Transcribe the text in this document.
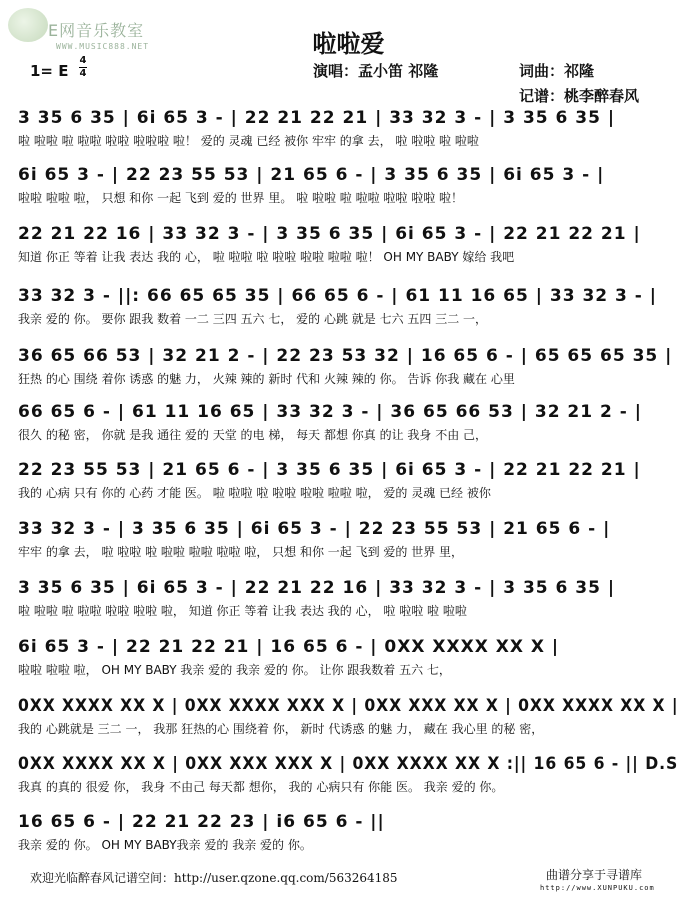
E网音乐教室
WWW.MUSIC888.NET	啦啦爱
1= E
4
4	演唱：孟小笛 祁隆	词曲：祁隆
记谱：桃李醉春风
3 35 6 35 | 6i 65 3 - | 22 21 22 21 | 33 32 3 - | 3 35 6 35 |
啦 啦啦 啦 啦啦 啦啦 啦啦啦 啦！ 爱的 灵魂 已经 被你 牢牢 的拿 去， 啦 啦啦 啦 啦啦
6i 65 3 - | 22 23 55 53 | 21 65 6 - | 3 35 6 35 | 6i 65 3 - |
啦啦 啦啦 啦， 只想 和你 一起 飞到 爱的 世界 里。 啦 啦啦 啦 啦啦 啦啦 啦啦 啦！
22 21 22 16 | 33 32 3 - | 3 35 6 35 | 6i 65 3 - | 22 21 22 21 |
知道 你正 等着 让我 表达 我的 心， 啦 啦啦 啦 啦啦 啦啦 啦啦 啦！ OH MY BABY 嫁给 我吧
33 32 3 - ||: 66 65 65 35 | 66 65 6 - | 61 11 16 65 | 33 32 3 - |
我亲 爱的 你。 要你 跟我 数着 一二 三四 五六 七， 爱的 心跳 就是 七六 五四 三二 一，
36 65 66 53 | 32 21 2 - | 22 23 53 32 | 16 65 6 - | 65 65 65 35 |
狂热 的心 围绕 着你 诱惑 的魅 力， 火辣 辣的 新时 代和 火辣 辣的 你。 告诉 你我 藏在 心里
66 65 6 - | 61 11 16 65 | 33 32 3 - | 36 65 66 53 | 32 21 2 - |
很久 的秘 密， 你就 是我 通往 爱的 天堂 的电 梯， 每天 都想 你真 的让 我身 不由 己，
22 23 55 53 | 21 65 6 - | 3 35 6 35 | 6i 65 3 - | 22 21 22 21 |
我的 心病 只有 你的 心药 才能 医。 啦 啦啦 啦 啦啦 啦啦 啦啦 啦， 爱的 灵魂 已经 被你
33 32 3 - | 3 35 6 35 | 6i 65 3 - | 22 23 55 53 | 21 65 6 - |
牢牢 的拿 去， 啦 啦啦 啦 啦啦 啦啦 啦啦 啦， 只想 和你 一起 飞到 爱的 世界 里，
3 35 6 35 | 6i 65 3 - | 22 21 22 16 | 33 32 3 - | 3 35 6 35 |
啦 啦啦 啦 啦啦 啦啦 啦啦 啦， 知道 你正 等着 让我 表达 我的 心， 啦 啦啦 啦 啦啦
6i 65 3 - | 22 21 22 21 | 16 65 6 - | 0XX XXXX XX X |
啦啦 啦啦 啦， OH MY BABY 我亲 爱的 我亲 爱的 你。 让你 跟我数着 五六 七，
0XX XXXX XX X | 0XX XXXX XXX X | 0XX XXX XX X | 0XX XXXX XX X |
我的 心跳就是 三二 一， 我那 狂热的心 围绕着 你， 新时 代诱惑 的魅 力， 藏在 我心里 的秘 密，
0XX XXXX XX X | 0XX XXX XXX X | 0XX XXXX XX X :|| 16 65 6 - || D.S
我真 的真的 很爱 你， 我身 不由己 每天都 想你， 我的 心病只有 你能 医。 我亲 爱的 你。
16 65 6 - | 22 21 22 23 | i6 65 6 - ||
我亲 爱的 你。 OH MY BABY我亲 爱的 我亲 爱的 你。
欢迎光临醉春风记谱空间：http://user.qzone.qq.com/563264185	曲谱分享于寻谱库
http://www.XUNPUKU.com
